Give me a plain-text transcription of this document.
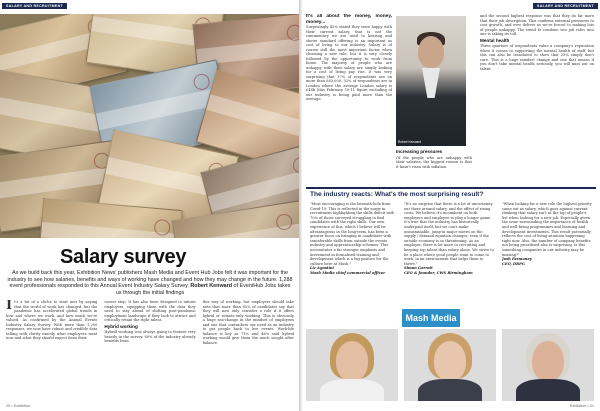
SALARY AND RECRUITMENT
Salary survey

As we build back this year, Exhibition News' publishers Mash Media and Event Hub Jobs felt it was important for the industry to see how salaries, benefits and ways of working have changed and how they may change in the future. 1,288 event professionals responded to this Annual Event Industry Salary Survey. Robert Kenward of EventHub Jobs takes us through the initial findings

I t's a bit of a cliche to start mes by saying that the world of work has changed, but the pandemic has accelerated global trends in how and where we work, and how much we're valued. As confirmed by the Annual Events Industry Salary Survey. With more than 1,200 responses, we now have robust and credible data telling with clarity exactly what employees want now and what they should expect from their

career step. It has also been designed to inform employers, equipping them with the data they need to stay ahead of shifting post-pandemic employment landscape if they look to attract and critically retain the right talent.

Hybrid working

Hybrid working was always going to feature very heavily in the survey. 80% of the industry already benefits from

this way of working, but employers should take note that more than 85% of candidates say that they will now only consider a role if it offers hybrid or remote-only working. This is obviously a huge sea-change in the mindset of employees and one that contradicts our need as an industry to get people back to live events. Work-life balance is key as 71% and 46% said hybrid working would give them the much sought after balance.

20 • Exhibition
SALARY AND RECRUITMENT

It's all about the money, money, money...

Surprisingly 45% stated they were happy with their current salary, that is not the commentary we are used to hearing and shows standard offering is an important as cost of living to our industry. Salary is of course still the most important factor when choosing a new role, but it is very closely followed by the opportunity to work from home. The majority of people who are unhappy with their salary are simply looking for a cost of living pay rise. It was very surprising that 37% of respondents are on more than £63,000. 53% of respondents are in London where the average London salary is £48k (this February 10-11 figure excluding of our industry is being paid more than the average.

Robert Kenward

Increasing pressures

Of the people who are unhappy with their salaries, the biggest reason is that it hasn't risen with inflation

and the second highest response was that they do far more that their job description. This confirms external pressures to cost growth, and ever deliver as we're forced to making lots of people unhappy. The trend to combine two job roles into one is taking its toll.

Mental health

Three quarters of respondents value a company's reputation when it comes to supporting the mental health of staff, but this can also be translated to show that 25% simply don't care. This is a huge mindset change and one that means if you don't take mental health seriously, you will miss out on talent.

The industry reacts: What's the most surprising result?

"Most encouraging is the beneath-hole from Covid-19. This is reflected in the surge in recruitment highlighting the skills deficit with 70% of those surveyed struggling to find candidates with the right skills. Our own experience of this, which I believe will be advantageous in the long-term, has been a greater focus on bringing in candidates with transferable skills from outside the events industry and apprenticeship schemes. This necessitates a far stronger emphasis and investment in formalised training and development which is a big positive for the culture here at Mash."

Liz Agostini
Mash Media chief commercial officer

"It's no surprise that there is a lot of uncertainty out there around salary, and the effect of rising costs. We believe it's incumbent on both employers and employee to play a longer game. It's true that the industry has historically underpaid itself, but we can't make unsustainable, jump-in major moves on the supply / demand equation changes, even if the outside economy is so threatening. As an employer, there is lot more to recruiting and keeping top talent than salary alone. We strive to be a place where good people want to come to work, in an environment that helps them to thrive."

Simon Garrett
CEO & founder, CWS Birmingham

"When looking for a new role the highest priority came out as salary, which goes against current thinking that salary isn't at the top of people's list when looking for a new job. Especially given the issue surrounding the importance of health and well-being programmes and learning and development investments. This result potentially reflects the cost of living situation happening right now. Also, the number of company benefits not being prioritised also is surprising. Is this something companies in our industry may be missing?"

Josh Fermoney
CEO, DRPG

Mash Media
Exhibition • 21
